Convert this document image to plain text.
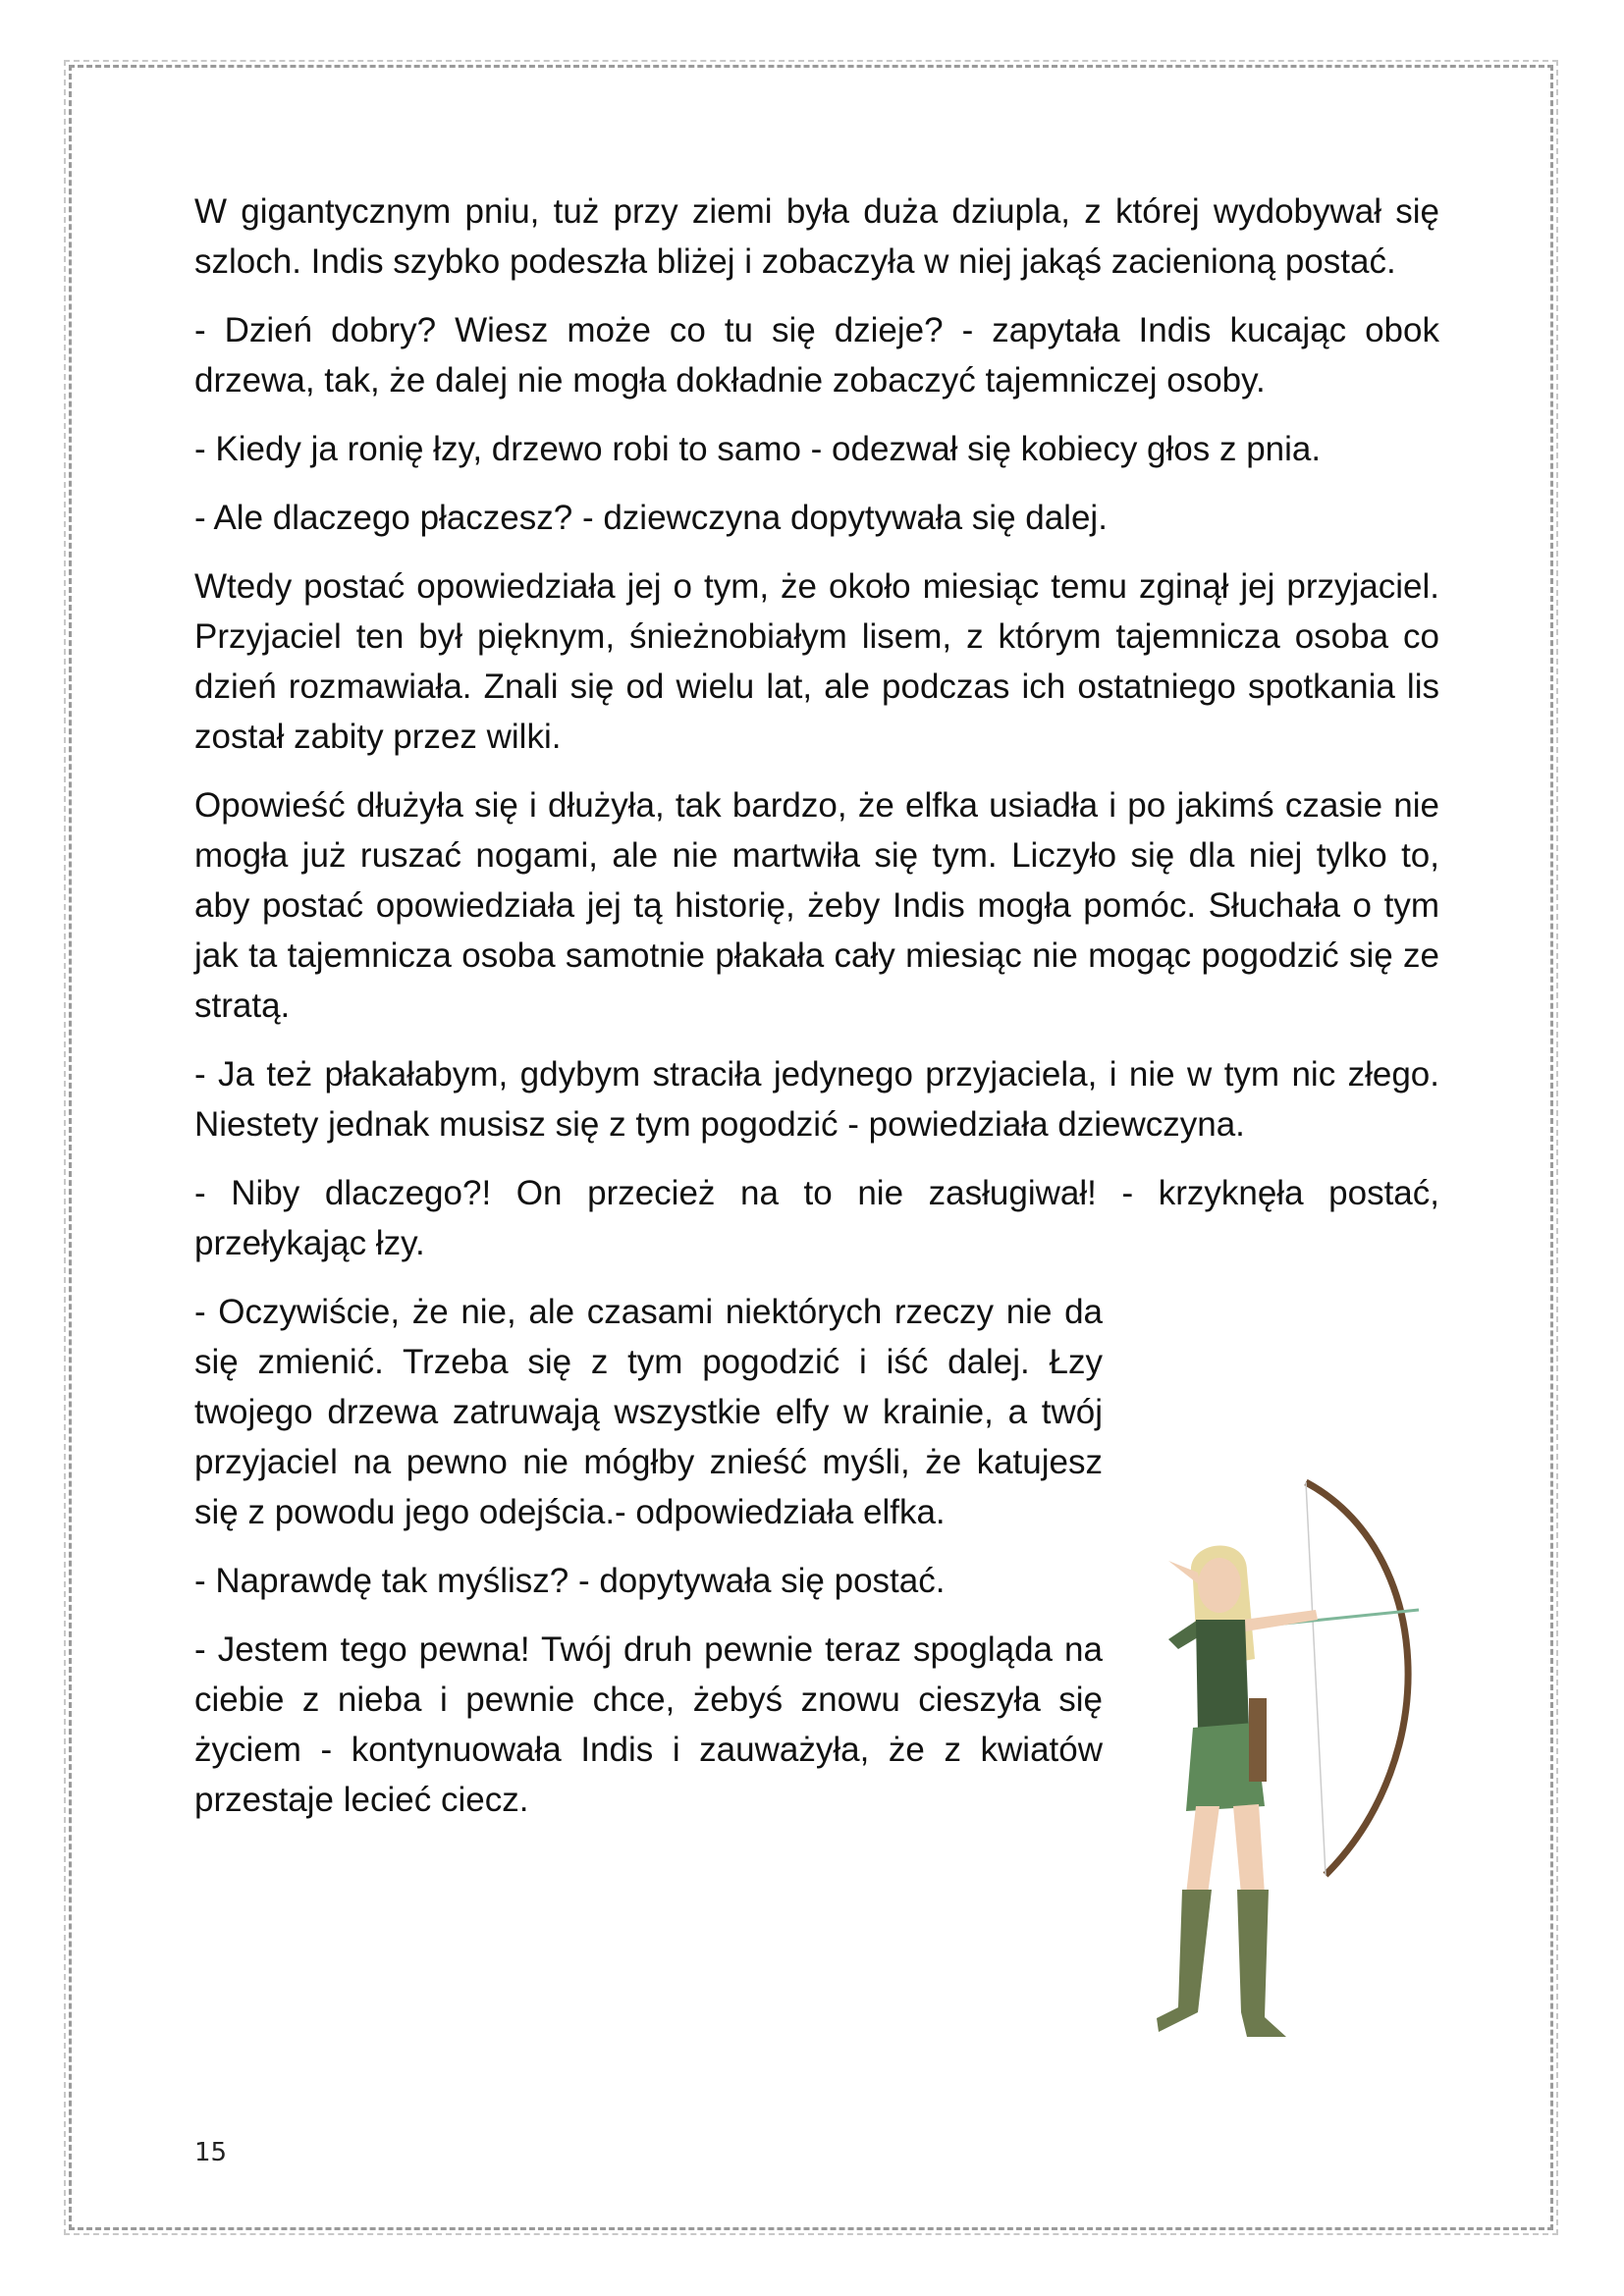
W gigantycznym pniu, tuż przy ziemi była duża dziupla, z której wydobywał się szloch. Indis szybko podeszła bliżej i zobaczyła w niej jakąś zacienioną postać.

- Dzień dobry? Wiesz może co tu się dzieje? - zapytała Indis kucając obok drzewa, tak, że dalej nie mogła dokładnie zobaczyć tajemniczej osoby.

- Kiedy ja ronię łzy, drzewo robi to samo - odezwał się kobiecy głos z pnia.

- Ale dlaczego płaczesz? - dziewczyna dopytywała się dalej.

Wtedy postać opowiedziała jej o tym, że około miesiąc temu zginął jej przyjaciel. Przyjaciel ten był pięknym, śnieżnobiałym lisem, z którym tajemnicza osoba co dzień rozmawiała. Znali się od wielu lat, ale podczas ich ostatniego spotkania lis został zabity przez wilki.

Opowieść dłużyła się i dłużyła, tak bardzo, że elfka usiadła i po jakimś czasie nie mogła już ruszać nogami, ale nie martwiła się tym. Liczyło się dla niej tylko to, aby postać opowiedziała jej tą historię, żeby Indis mogła pomóc. Słuchała o tym jak ta tajemnicza osoba samotnie płakała cały miesiąc nie mogąc pogodzić się ze stratą.

- Ja też płakałabym, gdybym straciła jedynego przyjaciela, i nie w tym nic złego. Niestety jednak musisz się z tym pogodzić - powiedziała dziewczyna.

- Niby dlaczego?! On przecież na to nie zasługiwał! - krzyknęła postać, przełykając łzy.

- Oczywiście, że nie, ale czasami niektórych rzeczy nie da się zmienić. Trzeba się z tym pogodzić i iść dalej. Łzy twojego drzewa zatruwają wszystkie elfy w krainie, a twój przyjaciel na pewno nie mógłby znieść myśli, że katujesz się z powodu jego odejścia.- odpowiedziała elfka.

- Naprawdę tak myślisz? - dopytywała się postać.

- Jestem tego pewna! Twój druh pewnie teraz spogląda na ciebie z nieba i pewnie chce, żebyś znowu cieszyła się życiem - kontynuowała Indis i zauważyła, że z kwiatów przestaje lecieć ciecz.

15
